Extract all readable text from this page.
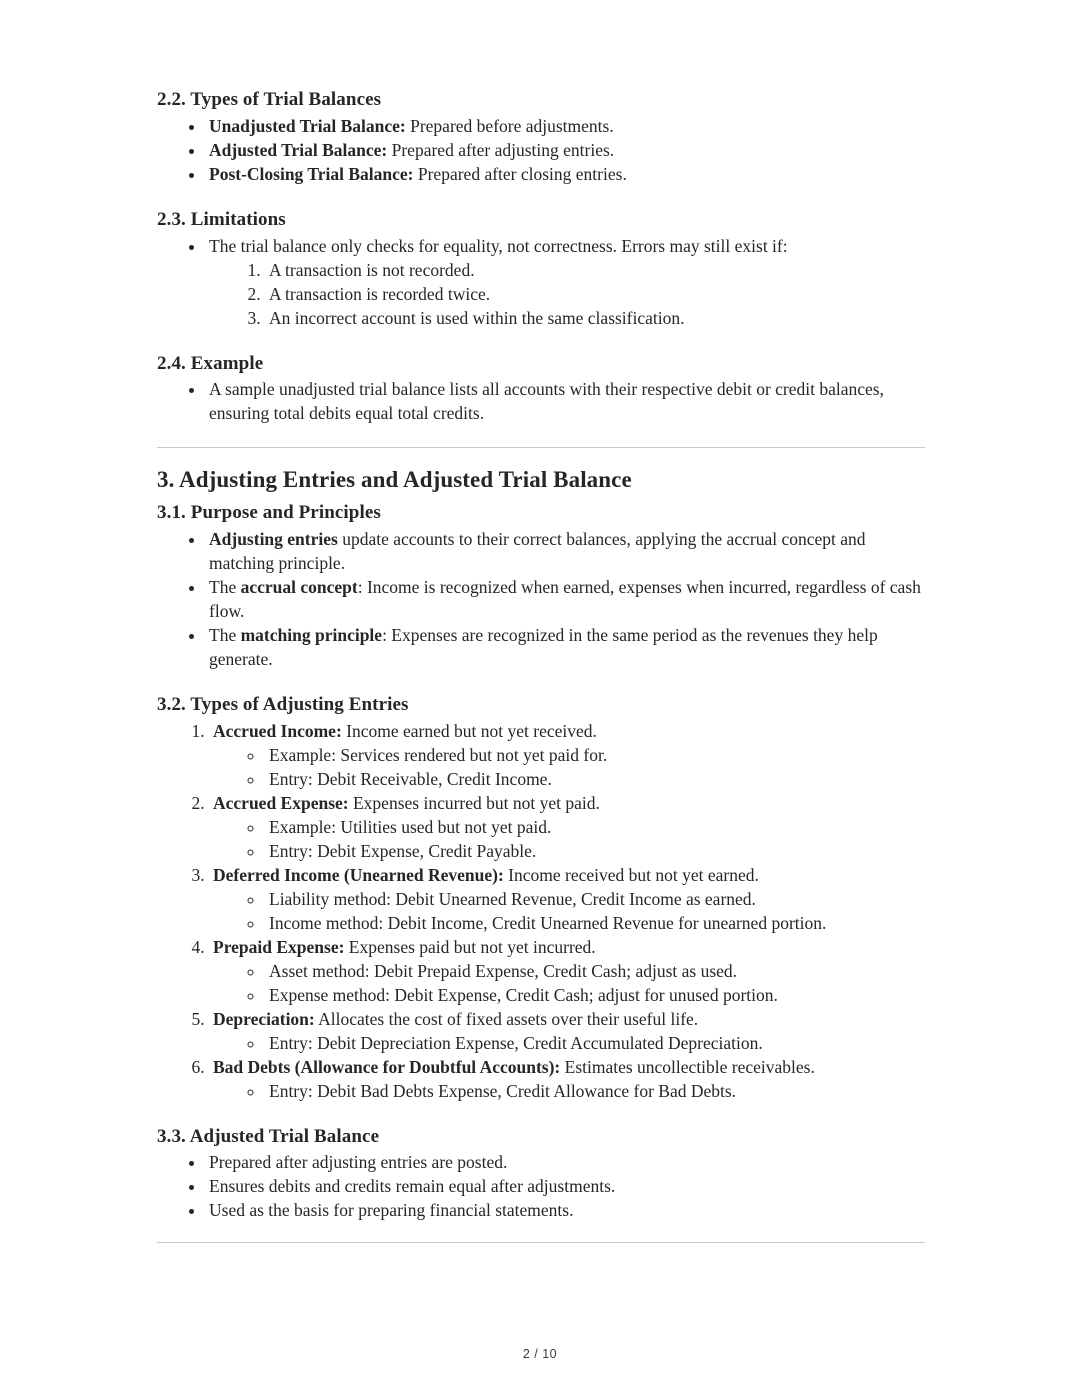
2.2. Types of Trial Balances
• Unadjusted Trial Balance: Prepared before adjustments.
• Adjusted Trial Balance: Prepared after adjusting entries.
• Post-Closing Trial Balance: Prepared after closing entries.
2.3. Limitations
• The trial balance only checks for equality, not correctness. Errors may still exist if:
1. A transaction is not recorded.
2. A transaction is recorded twice.
3. An incorrect account is used within the same classification.
2.4. Example
• A sample unadjusted trial balance lists all accounts with their respective debit or credit balances, ensuring total debits equal total credits.
3. Adjusting Entries and Adjusted Trial Balance
3.1. Purpose and Principles
• Adjusting entries update accounts to their correct balances, applying the accrual concept and matching principle.
• The accrual concept: Income is recognized when earned, expenses when incurred, regardless of cash flow.
• The matching principle: Expenses are recognized in the same period as the revenues they help generate.
3.2. Types of Adjusting Entries
1. Accrued Income: Income earned but not yet received.
◦ Example: Services rendered but not yet paid for.
◦ Entry: Debit Receivable, Credit Income.
2. Accrued Expense: Expenses incurred but not yet paid.
◦ Example: Utilities used but not yet paid.
◦ Entry: Debit Expense, Credit Payable.
3. Deferred Income (Unearned Revenue): Income received but not yet earned.
◦ Liability method: Debit Unearned Revenue, Credit Income as earned.
◦ Income method: Debit Income, Credit Unearned Revenue for unearned portion.
4. Prepaid Expense: Expenses paid but not yet incurred.
◦ Asset method: Debit Prepaid Expense, Credit Cash; adjust as used.
◦ Expense method: Debit Expense, Credit Cash; adjust for unused portion.
5. Depreciation: Allocates the cost of fixed assets over their useful life.
◦ Entry: Debit Depreciation Expense, Credit Accumulated Depreciation.
6. Bad Debts (Allowance for Doubtful Accounts): Estimates uncollectible receivables.
◦ Entry: Debit Bad Debts Expense, Credit Allowance for Bad Debts.
3.3. Adjusted Trial Balance
• Prepared after adjusting entries are posted.
• Ensures debits and credits remain equal after adjustments.
• Used as the basis for preparing financial statements.
2 / 10
